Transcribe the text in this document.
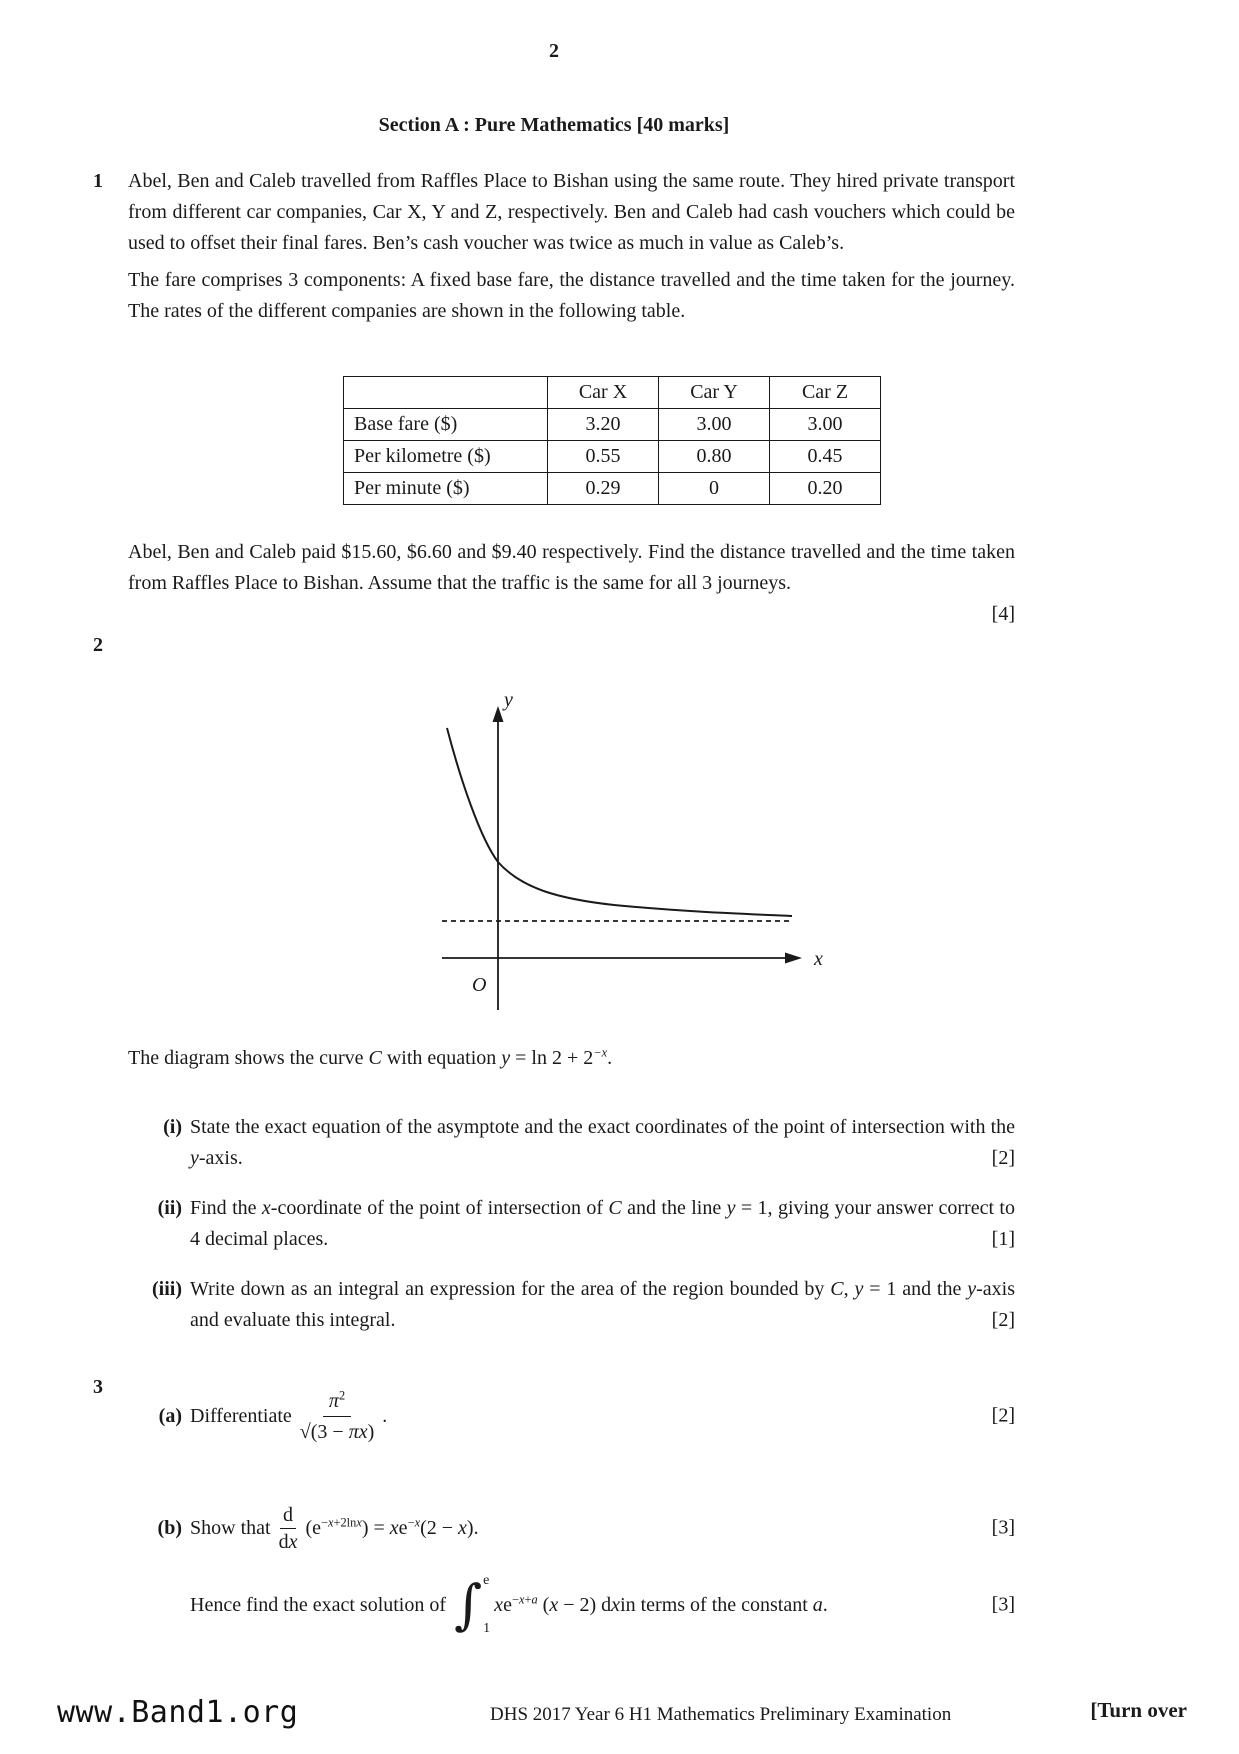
2
Section A : Pure Mathematics [40 marks]
1	Abel, Ben and Caleb travelled from Raffles Place to Bishan using the same route. They hired private transport from different car companies, Car X, Y and Z, respectively. Ben and Caleb had cash vouchers which could be used to offset their final fares. Ben’s cash voucher was twice as much in value as Caleb’s.

The fare comprises 3 components: A fixed base fare, the distance travelled and the time taken for the journey. The rates of the different companies are shown in the following table.

	Car X	Car Y	Car Z
Base fare ($)	3.20	3.00	3.00
Per kilometre ($)	0.55	0.80	0.45
Per minute ($)	0.29	0	0.20

Abel, Ben and Caleb paid $15.60, $6.60 and $9.40 respectively. Find the distance travelled and the time taken from Raffles Place to Bishan. Assume that the traffic is the same for all 3 journeys.

[4]
2
y
x
O

The diagram shows the curve C with equation $y = \ln 2 + 2^{-x}$.

(i) State the exact equation of the asymptote and the exact coordinates of the point of intersection with the y-axis.	[2]
(ii) Find the x-coordinate of the point of intersection of C and the line y = 1, giving your answer correct to 4 decimal places.	[1]
(iii) Write down as an integral an expression for the area of the region bounded by C, y = 1 and the y-axis and evaluate this integral.	[2]
3
(a) Differentiate $\frac{\pi^2}{√(3 - \pi x)}$ .	[2]
(b) Show that $\frac{d}{dx} (e^{-x+2lnx}) = xe^{-x}(2 - x)$.	[3]
Hence find the exact solution of ∫ e
1
$xe^{-x+a}$ (x − 2) dx in terms of the constant a.	[3]
www.Band1.org	DHS 2017 Year 6 H1 Mathematics Preliminary Examination	[Turn over
